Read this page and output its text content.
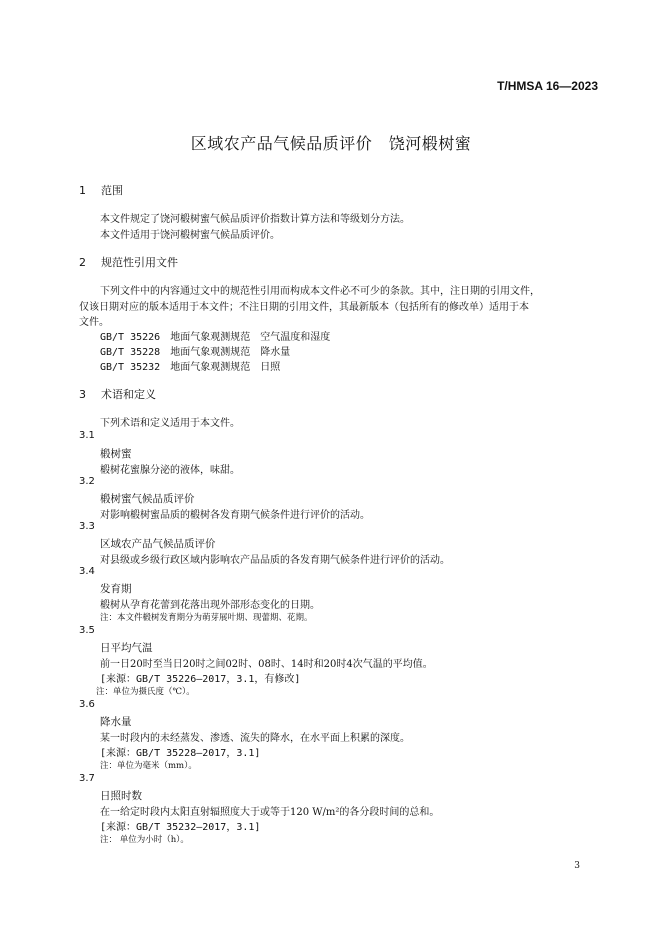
T/HMSA 16—2023
区域农产品气候品质评价　饶河椴树蜜
1 范围
本文件规定了饶河椴树蜜气候品质评价指数计算方法和等级划分方法。
本文件适用于饶河椴树蜜气候品质评价。
2 规范性引用文件
下列文件中的内容通过文中的规范性引用而构成本文件必不可少的条款。其中，注日期的引用文件，
仅该日期对应的版本适用于本文件；不注日期的引用文件，其最新版本（包括所有的修改单）适用于本
文件。
GB/T 35226　地面气象观测规范　空气温度和湿度
GB/T 35228　地面气象观测规范　降水量
GB/T 35232　地面气象观测规范　日照
3 术语和定义
下列术语和定义适用于本文件。
3.1
椴树蜜
椴树花蜜腺分泌的液体，味甜。
3.2
椴树蜜气候品质评价
对影响椴树蜜品质的椴树各发育期气候条件进行评价的活动。
3.3
区域农产品气候品质评价
对县级或乡级行政区域内影响农产品品质的各发育期气候条件进行评价的活动。
3.4
发育期
椴树从孕育花蕾到花落出现外部形态变化的日期。
注：本文件椴树发育期分为萌芽展叶期、现蕾期、花期。
3.5
日平均气温
前一日20时至当日20时之间02时、08时、14时和20时4次气温的平均值。
[来源：GB/T 35226—2017，3.1，有修改]
注：单位为摄氏度（℃）。
3.6
降水量
某一时段内的未经蒸发、渗透、流失的降水，在水平面上积累的深度。
[来源：GB/T 35228—2017，3.1]
注：单位为毫米（mm）。
3.7
日照时数
在一给定时段内太阳直射辐照度大于或等于120 W/m²的各分段时间的总和。
[来源：GB/T 35232—2017，3.1]
注： 单位为小时（h）。
3
